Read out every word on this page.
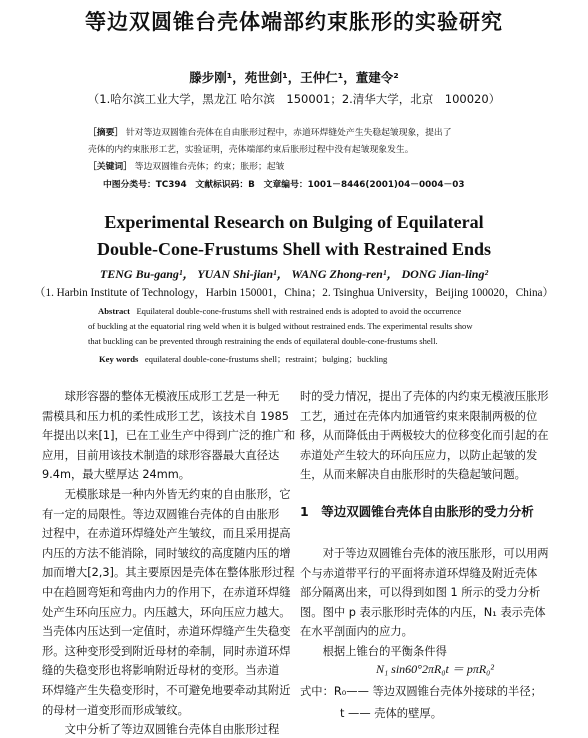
等边双圆锥台壳体端部约束胀形的实验研究
滕步刚¹，苑世剑¹，王仲仁¹，董建令²
（1.哈尔滨工业大学，黑龙江 哈尔滨　150001；2.清华大学，北京　100020）
［摘要］ 针对等边双圆锥台壳体在自由胀形过程中，赤道环焊缝处产生失稳起皱现象，提出了
壳体的内约束胀形工艺，实验证明，壳体端部约束后胀形过程中没有起皱现象发生。
［关键词］ 等边双圆锥台壳体；约束；胀形；起皱
中图分类号：TC394　文献标识码：B　文章编号：1001－8446(2001)04－0004－03
Experimental Research on Bulging of Equilateral
Double-Cone-Frustums Shell with Restrained Ends
TENG Bu-gang¹， YUAN Shi-jian¹， WANG Zhong-ren¹， DONG Jian-ling²
（1. Harbin Institute of Technology，Harbin 150001，China；2. Tsinghua University，Beijing 100020，China）
Abstract Equilateral double-cone-frustums shell with restrained ends is adopted to avoid the occurrence
of buckling at the equatorial ring weld when it is bulged without restrained ends. The experimental results show
that buckling can be prevented through restraining the ends of equilateral double-cone-frustums shell.
Key words equilateral double-cone-frustums shell；restraint；bulging；buckling
　　球形容器的整体无模液压成形工艺是一种无
需模具和压力机的柔性成形工艺，该技术自 1985
年提出以来[1]，已在工业生产中得到广泛的推广和
应用，目前用该技术制造的球形容器最大直径达
9.4m，最大壁厚达 24mm。
　　无模胀球是一种内外皆无约束的自由胀形，它
有一定的局限性。等边双圆锥台壳体的自由胀形
过程中，在赤道环焊缝处产生皱纹，而且采用提高
内压的方法不能消除，同时皱纹的高度随内压的增
加而增大[2,3]。其主要原因是壳体在整体胀形过程
中在趋圆弯矩和弯曲内力的作用下，在赤道环焊缝
处产生环向压应力。内压越大，环向压应力越大。
当壳体内压达到一定值时，赤道环焊缝产生失稳变
形。这种变形受到附近母材的牵制，同时赤道环焊
缝的失稳变形也将影响附近母材的变形。当赤道
环焊缝产生失稳变形时，不可避免地要牵动其附近
的母材一道变形而形成皱纹。
　　文中分析了等边双圆锥台壳体自由胀形过程
时的受力情况，提出了壳体的内约束无模液压胀形
工艺，通过在壳体内加通管约束来限制两极的位
移，从而降低由于两极较大的位移变化而引起的在
赤道处产生较大的环向压应力，以防止起皱的发
生，从而来解决自由胀形时的失稳起皱问题。
1　等边双圆锥台壳体自由胀形的受力分析
　　对于等边双圆锥台壳体的液压胀形，可以用两
个与赤道带平行的平面将赤道环焊缝及附近壳体
部分隔离出来，可以得到如图 1 所示的受力分析
图。图中 p 表示胀形时壳体的内压，N₁ 表示壳体
在水平剖面内的应力。
　　根据上锥台的平衡条件得
N₁ sin60°2πR₀t ＝ pπR₀²
式中：R₀—— 等边双圆锥台壳体外接球的半径；
t —— 壳体的壁厚。
